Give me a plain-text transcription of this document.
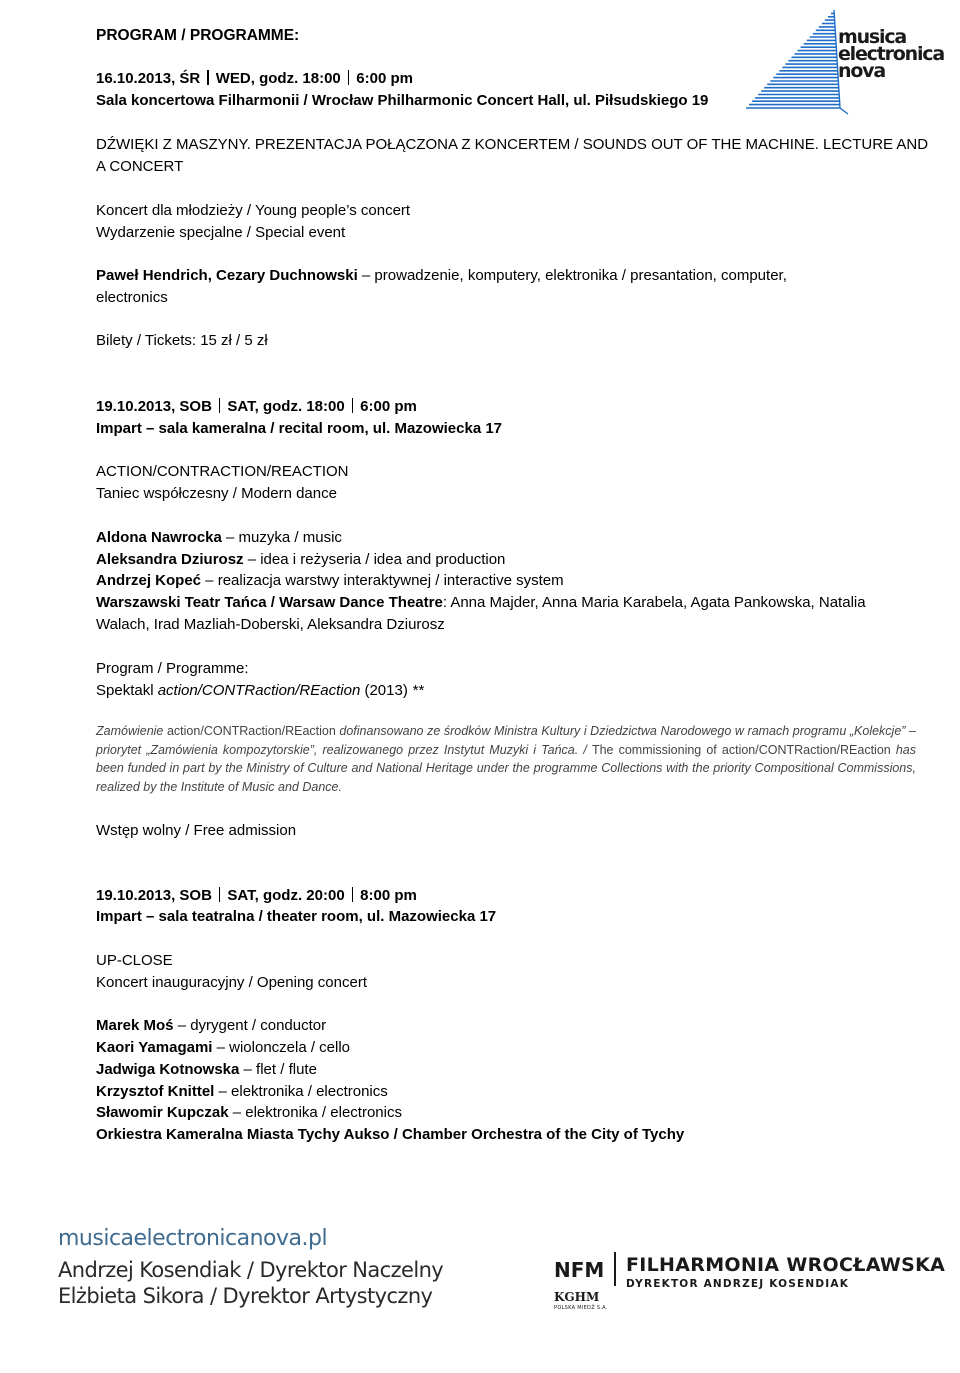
PROGRAM / PROGRAMME:	musica
electronica
nova
16.10.2013, ŚR WED, godz. 18:00 6:00 pm
Sala koncertowa Filharmonii / Wrocław Philharmonic Concert Hall, ul. Piłsudskiego 19
DŹWIĘKI Z MASZYNY. PREZENTACJA POŁĄCZONA Z KONCERTEM / SOUNDS OUT OF THE MACHINE. LECTURE AND
A CONCERT
Koncert dla młodzieży / Young people’s concert
Wydarzenie specjalne / Special event
Paweł Hendrich, Cezary Duchnowski – prowadzenie, komputery, elektronika / presantation, computer,
electronics
Bilety / Tickets: 15 zł / 5 zł
19.10.2013, SOB SAT, godz. 18:00 6:00 pm
Impart – sala kameralna / recital room, ul. Mazowiecka 17
ACTION/CONTRACTION/REACTION
Taniec współczesny / Modern dance
Aldona Nawrocka – muzyka / music
Aleksandra Dziurosz – idea i reżyseria / idea and production
Andrzej Kopeć – realizacja warstwy interaktywnej / interactive system
Warszawski Teatr Tańca / Warsaw Dance Theatre: Anna Majder, Anna Maria Karabela, Agata Pankowska, Natalia
Walach, Irad Mazliah-Doberski, Aleksandra Dziurosz
Program / Programme:
Spektakl action/CONTRaction/REaction (2013) **
Zamówienie action/CONTRaction/REaction dofinansowano ze środków Ministra Kultury i Dziedzictwa Narodowego w ramach programu „Kolekcje” – priorytet „Zamówienia kompozytorskie”, realizowanego przez Instytut Muzyki i Tańca. / The commissioning of action/CONTRaction/REaction has been funded in part by the Ministry of Culture and National Heritage under the programme Collections with the priority Compositional Commissions, realized by the Institute of Music and Dance.
Wstęp wolny / Free admission
19.10.2013, SOB SAT, godz. 20:00 8:00 pm
Impart – sala teatralna / theater room, ul. Mazowiecka 17
UP-CLOSE
Koncert inauguracyjny / Opening concert
Marek Moś – dyrygent / conductor
Kaori Yamagami – wiolonczela / cello
Jadwiga Kotnowska – flet / flute
Krzysztof Knittel – elektronika / electronics
Sławomir Kupczak – elektronika / electronics
Orkiestra Kameralna Miasta Tychy Aukso / Chamber Orchestra of the City of Tychy
musicaelectronicanova.pl
Andrzej Kosendiak / Dyrektor Naczelny
Elżbieta Sikora / Dyrektor Artystyczny
NFM FILHARMONIA WROCŁAWSKA
DYREKTOR ANDRZEJ KOSENDIAK
KGHM
POLSKA MIEDŹ S.A.
